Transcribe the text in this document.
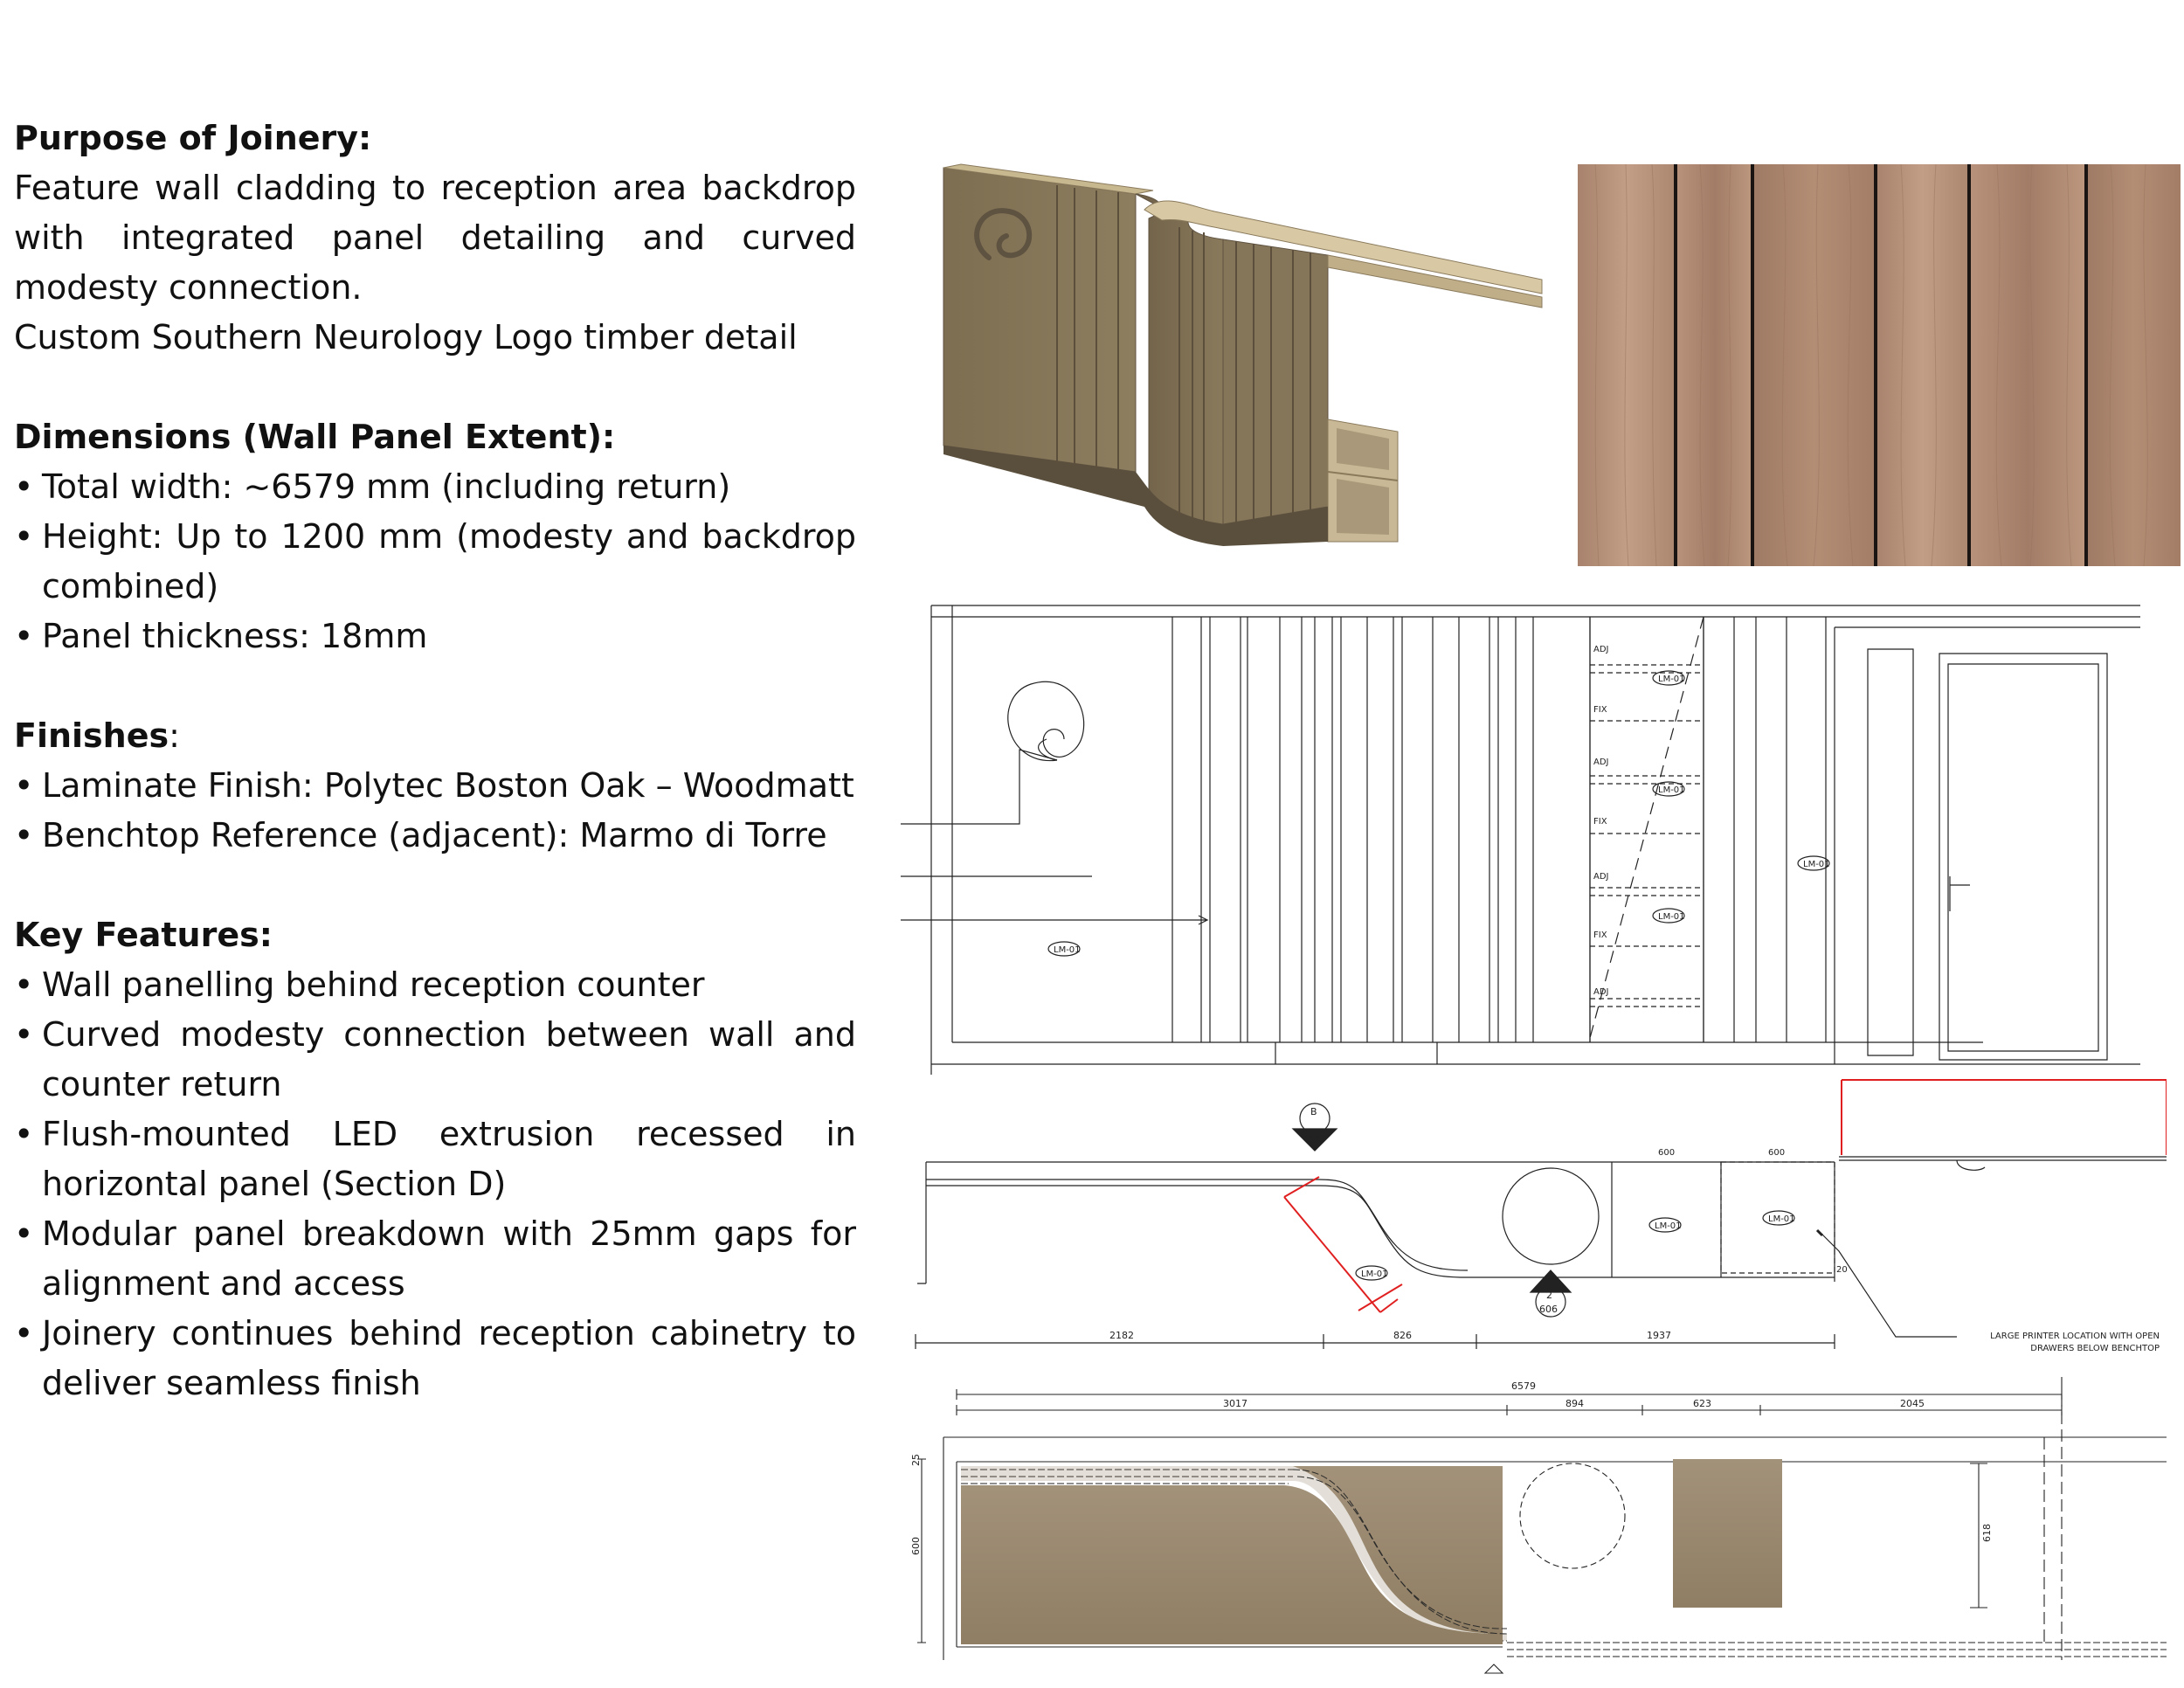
Purpose of Joinery:

Feature wall cladding to reception area backdrop with integrated panel detailing and curved modesty connection.

Custom Southern Neurology Logo timber detail

Dimensions (Wall Panel Extent):

• Total width: ~6579 mm (including return)
• Height: Up to 1200 mm (modesty and backdrop combined)
• Panel thickness: 18mm

Finishes:

• Laminate Finish: Polytec Boston Oak – Woodmatt
• Benchtop Reference (adjacent): Marmo di Torre

Key Features:

• Wall panelling behind reception counter
• Curved modesty connection between wall and counter return
• Flush-mounted LED extrusion recessed in horizontal panel (Section D)
• Modular panel breakdown with 25mm gaps for alignment and access
• Joinery continues behind reception cabinetry to deliver seamless finish
LM-01
LM-01
LM-01
LM-01
LM-01
ADJ
FIX
ADJ
FIX
ADJ
FIX
ADJ
B
600
2
606
LM-01
LM-01
LM-01
600	600
2182	826	1937
20
LARGE PRINTER LOCATION WITH OPEN
DRAWERS BELOW BENCHTOP
6579
3017	894	623	2045
600
618
25
